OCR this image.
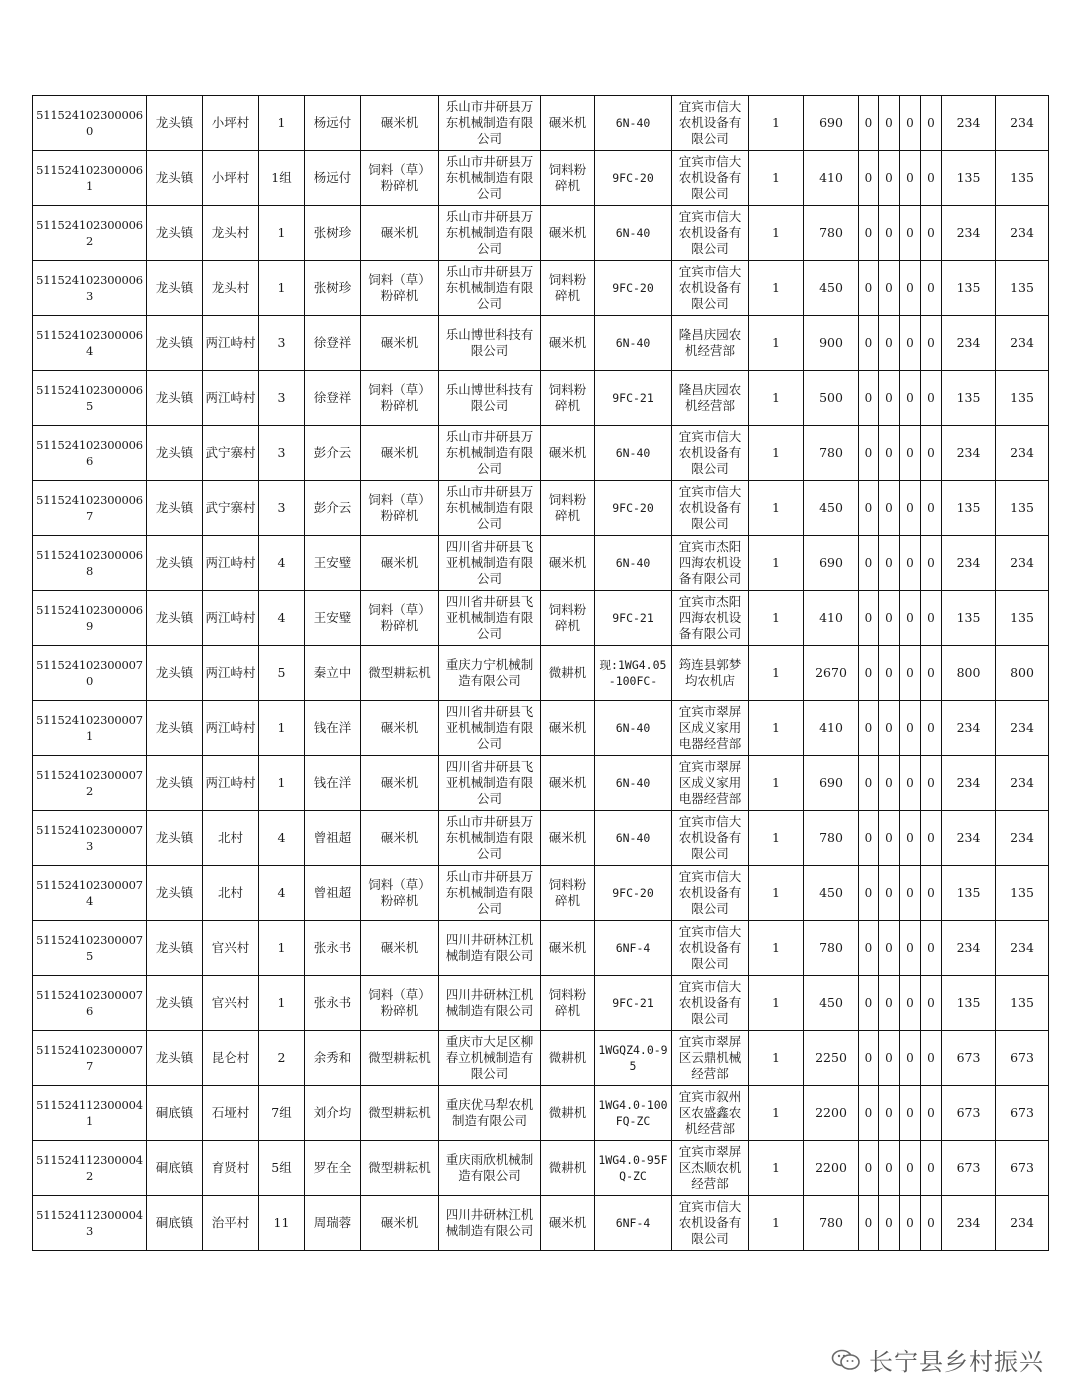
5115241023000060	龙头镇	小坪村	1	杨远付	碾米机	乐山市井研县万东机械制造有限公司	碾米机	6N-40	宜宾市信大农机设备有限公司	1	690	0	0	0	0	234	234

5115241023000061	龙头镇	小坪村	1组	杨远付	饲料（草）粉碎机	乐山市井研县万东机械制造有限公司	饲料粉碎机	9FC-20	宜宾市信大农机设备有限公司	1	410	0	0	0	0	135	135

5115241023000062	龙头镇	龙头村	1	张树珍	碾米机	乐山市井研县万东机械制造有限公司	碾米机	6N-40	宜宾市信大农机设备有限公司	1	780	0	0	0	0	234	234

5115241023000063	龙头镇	龙头村	1	张树珍	饲料（草）粉碎机	乐山市井研县万东机械制造有限公司	饲料粉碎机	9FC-20	宜宾市信大农机设备有限公司	1	450	0	0	0	0	135	135

5115241023000064	龙头镇	两江峙村	3	徐登祥	碾米机	乐山博世科技有限公司	碾米机	6N-40	隆昌庆园农机经营部	1	900	0	0	0	0	234	234

5115241023000065	龙头镇	两江峙村	3	徐登祥	饲料（草）粉碎机	乐山博世科技有限公司	饲料粉碎机	9FC-21	隆昌庆园农机经营部	1	500	0	0	0	0	135	135

5115241023000066	龙头镇	武宁寨村	3	彭介云	碾米机	乐山市井研县万东机械制造有限公司	碾米机	6N-40	宜宾市信大农机设备有限公司	1	780	0	0	0	0	234	234

5115241023000067	龙头镇	武宁寨村	3	彭介云	饲料（草）粉碎机	乐山市井研县万东机械制造有限公司	饲料粉碎机	9FC-20	宜宾市信大农机设备有限公司	1	450	0	0	0	0	135	135

5115241023000068	龙头镇	两江峙村	4	王安璧	碾米机	四川省井研县飞亚机械制造有限公司	碾米机	6N-40	宜宾市杰阳四海农机设备有限公司	1	690	0	0	0	0	234	234

5115241023000069	龙头镇	两江峙村	4	王安璧	饲料（草）粉碎机	四川省井研县飞亚机械制造有限公司	饲料粉碎机	9FC-21	宜宾市杰阳四海农机设备有限公司	1	410	0	0	0	0	135	135

5115241023000070	龙头镇	两江峙村	5	秦立中	微型耕耘机	重庆力宁机械制造有限公司	微耕机	现:1WG4.05-100FC-	筠连县郭梦均农机店	1	2670	0	0	0	0	800	800

5115241023000071	龙头镇	两江峙村	1	钱在洋	碾米机	四川省井研县飞亚机械制造有限公司	碾米机	6N-40	宜宾市翠屏区成义家用电器经营部	1	410	0	0	0	0	234	234

5115241023000072	龙头镇	两江峙村	1	钱在洋	碾米机	四川省井研县飞亚机械制造有限公司	碾米机	6N-40	宜宾市翠屏区成义家用电器经营部	1	690	0	0	0	0	234	234

5115241023000073	龙头镇	北村	4	曾祖超	碾米机	乐山市井研县万东机械制造有限公司	碾米机	6N-40	宜宾市信大农机设备有限公司	1	780	0	0	0	0	234	234

5115241023000074	龙头镇	北村	4	曾祖超	饲料（草）粉碎机	乐山市井研县万东机械制造有限公司	饲料粉碎机	9FC-20	宜宾市信大农机设备有限公司	1	450	0	0	0	0	135	135

5115241023000075	龙头镇	官兴村	1	张永书	碾米机	四川井研林江机械制造有限公司	碾米机	6NF-4	宜宾市信大农机设备有限公司	1	780	0	0	0	0	234	234

5115241023000076	龙头镇	官兴村	1	张永书	饲料（草）粉碎机	四川井研林江机械制造有限公司	饲料粉碎机	9FC-21	宜宾市信大农机设备有限公司	1	450	0	0	0	0	135	135

5115241023000077	龙头镇	昆仑村	2	余秀和	微型耕耘机	重庆市大足区柳春立机械制造有限公司	微耕机	1WGQZ4.0-95	宜宾市翠屏区云鼎机械经营部	1	2250	0	0	0	0	673	673

5115241123000041	硐底镇	石垭村	7组	刘介均	微型耕耘机	重庆优马犁农机制造有限公司	微耕机	1WG4.0-100FQ-ZC	宜宾市叙州区农盛鑫农机经营部	1	2200	0	0	0	0	673	673

5115241123000042	硐底镇	育贤村	5组	罗在全	微型耕耘机	重庆雨欣机械制造有限公司	微耕机	1WG4.0-95FQ-ZC	宜宾市翠屏区杰顺农机经营部	1	2200	0	0	0	0	673	673

5115241123000043	硐底镇	治平村	11	周瑞蓉	碾米机	四川井研林江机械制造有限公司	碾米机	6NF-4	宜宾市信大农机设备有限公司	1	780	0	0	0	0	234	234
长宁县乡村振兴
